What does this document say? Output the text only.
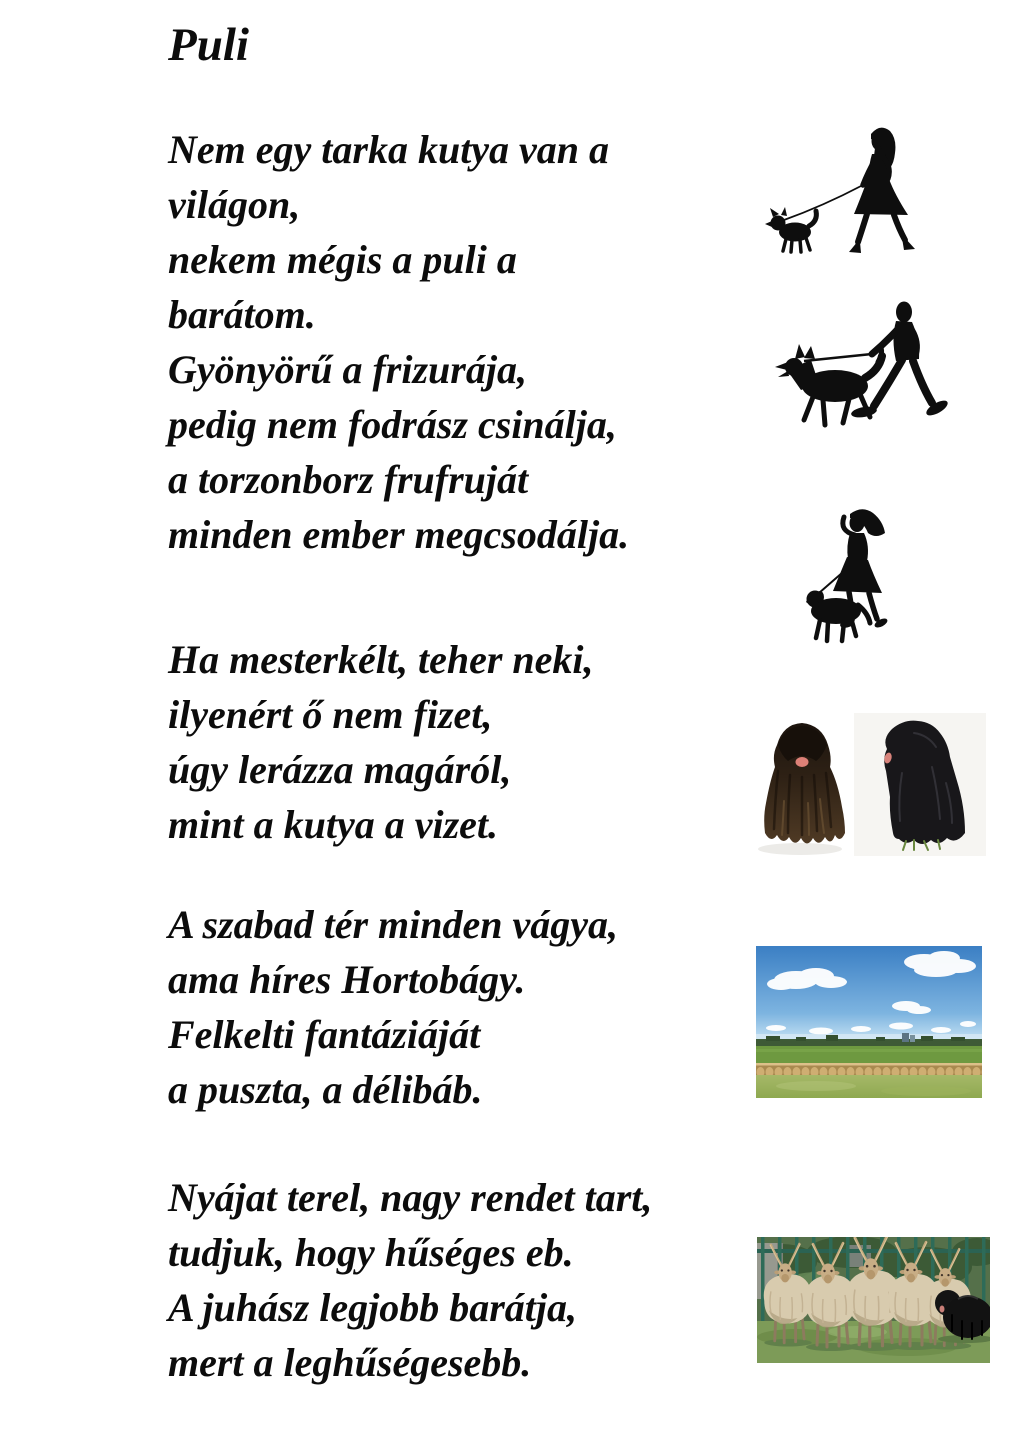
Puli
Nem egy tarka kutya van a
világon,
nekem mégis a puli a
barátom.
Gyönyörű a frizurája,
pedig nem fodrász csinálja,
a torzonborz frufruját
minden ember megcsodálja.
Ha mesterkélt, teher neki,
ilyenért ő nem fizet,
úgy lerázza magáról,
mint a kutya a vizet.
A szabad tér minden vágya,
ama híres Hortobágy.
Felkelti fantáziáját
a puszta, a délibáb.
Nyájat terel, nagy rendet tart,
tudjuk, hogy hűséges eb.
A juhász legjobb barátja,
mert a leghűségesebb.
